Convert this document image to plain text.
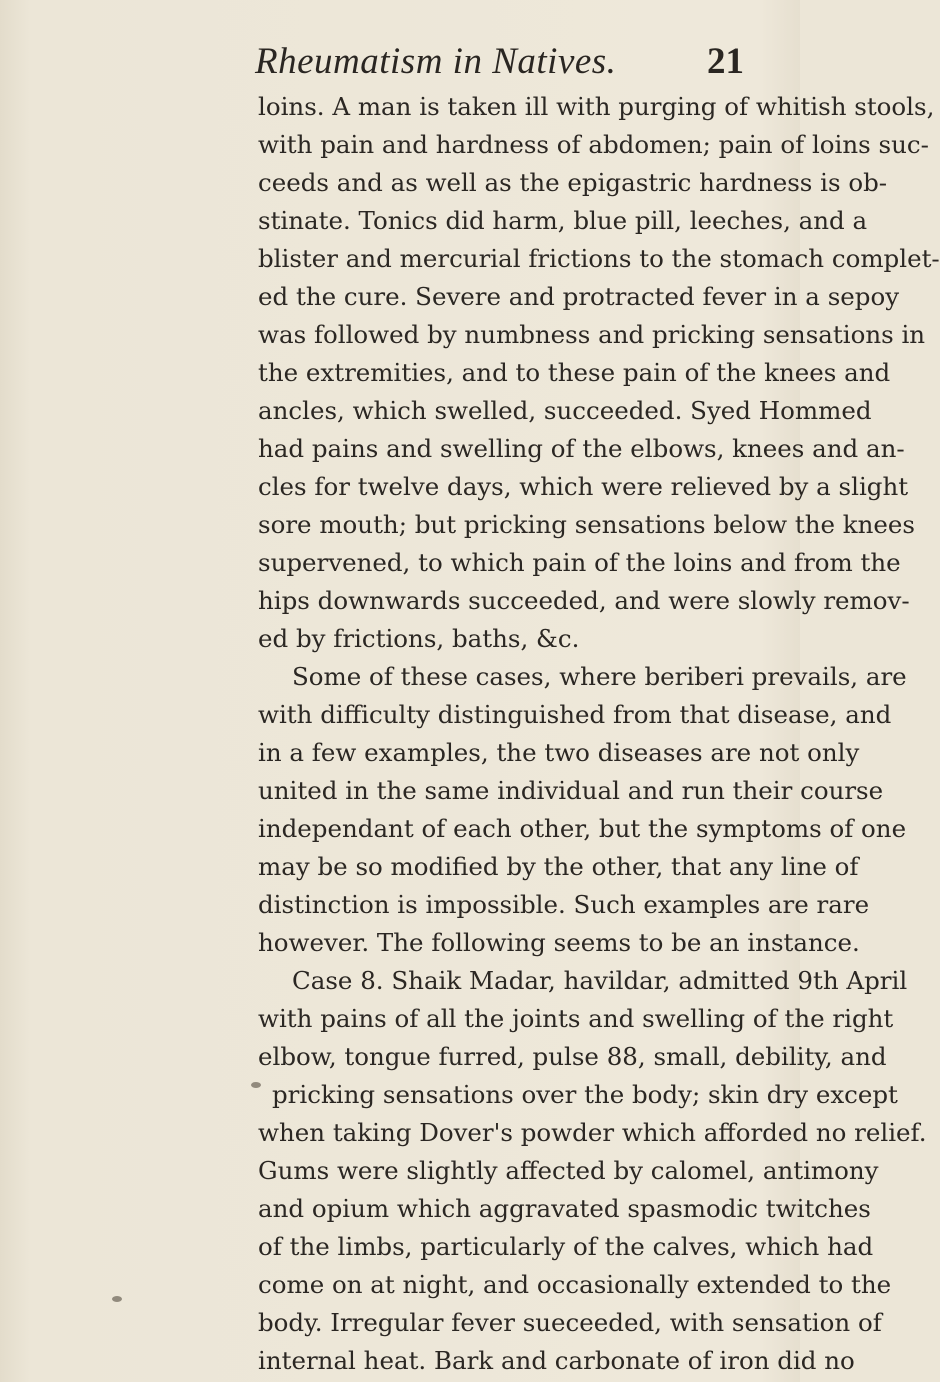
Rheumatism in Natives. 21
loins. A man is taken ill with purging of whitish stools,
with pain and hardness of abdomen; pain of loins suc-
ceeds and as well as the epigastric hardness is ob-
stinate. Tonics did harm, blue pill, leeches, and a
blister and mercurial frictions to the stomach complet-
ed the cure. Severe and protracted fever in a sepoy
was followed by numbness and pricking sensations in
the extremities, and to these pain of the knees and
ancles, which swelled, succeeded. Syed Hommed
had pains and swelling of the elbows, knees and an-
cles for twelve days, which were relieved by a slight
sore mouth; but pricking sensations below the knees
supervened, to which pain of the loins and from the
hips downwards succeeded, and were slowly remov-
ed by frictions, baths, &c.
Some of these cases, where beriberi prevails, are
with difficulty distinguished from that disease, and
in a few examples, the two diseases are not only
united in the same individual and run their course
independant of each other, but the symptoms of one
may be so modified by the other, that any line of
distinction is impossible. Such examples are rare
however. The following seems to be an instance.
Case 8. Shaik Madar, havildar, admitted 9th April
with pains of all the joints and swelling of the right
elbow, tongue furred, pulse 88, small, debility, and
pricking sensations over the body; skin dry except
when taking Dover's powder which afforded no relief.
Gums were slightly affected by calomel, antimony
and opium which aggravated spasmodic twitches
of the limbs, particularly of the calves, which had
come on at night, and occasionally extended to the
body. Irregular fever sueceeded, with sensation of
internal heat. Bark and carbonate of iron did no
